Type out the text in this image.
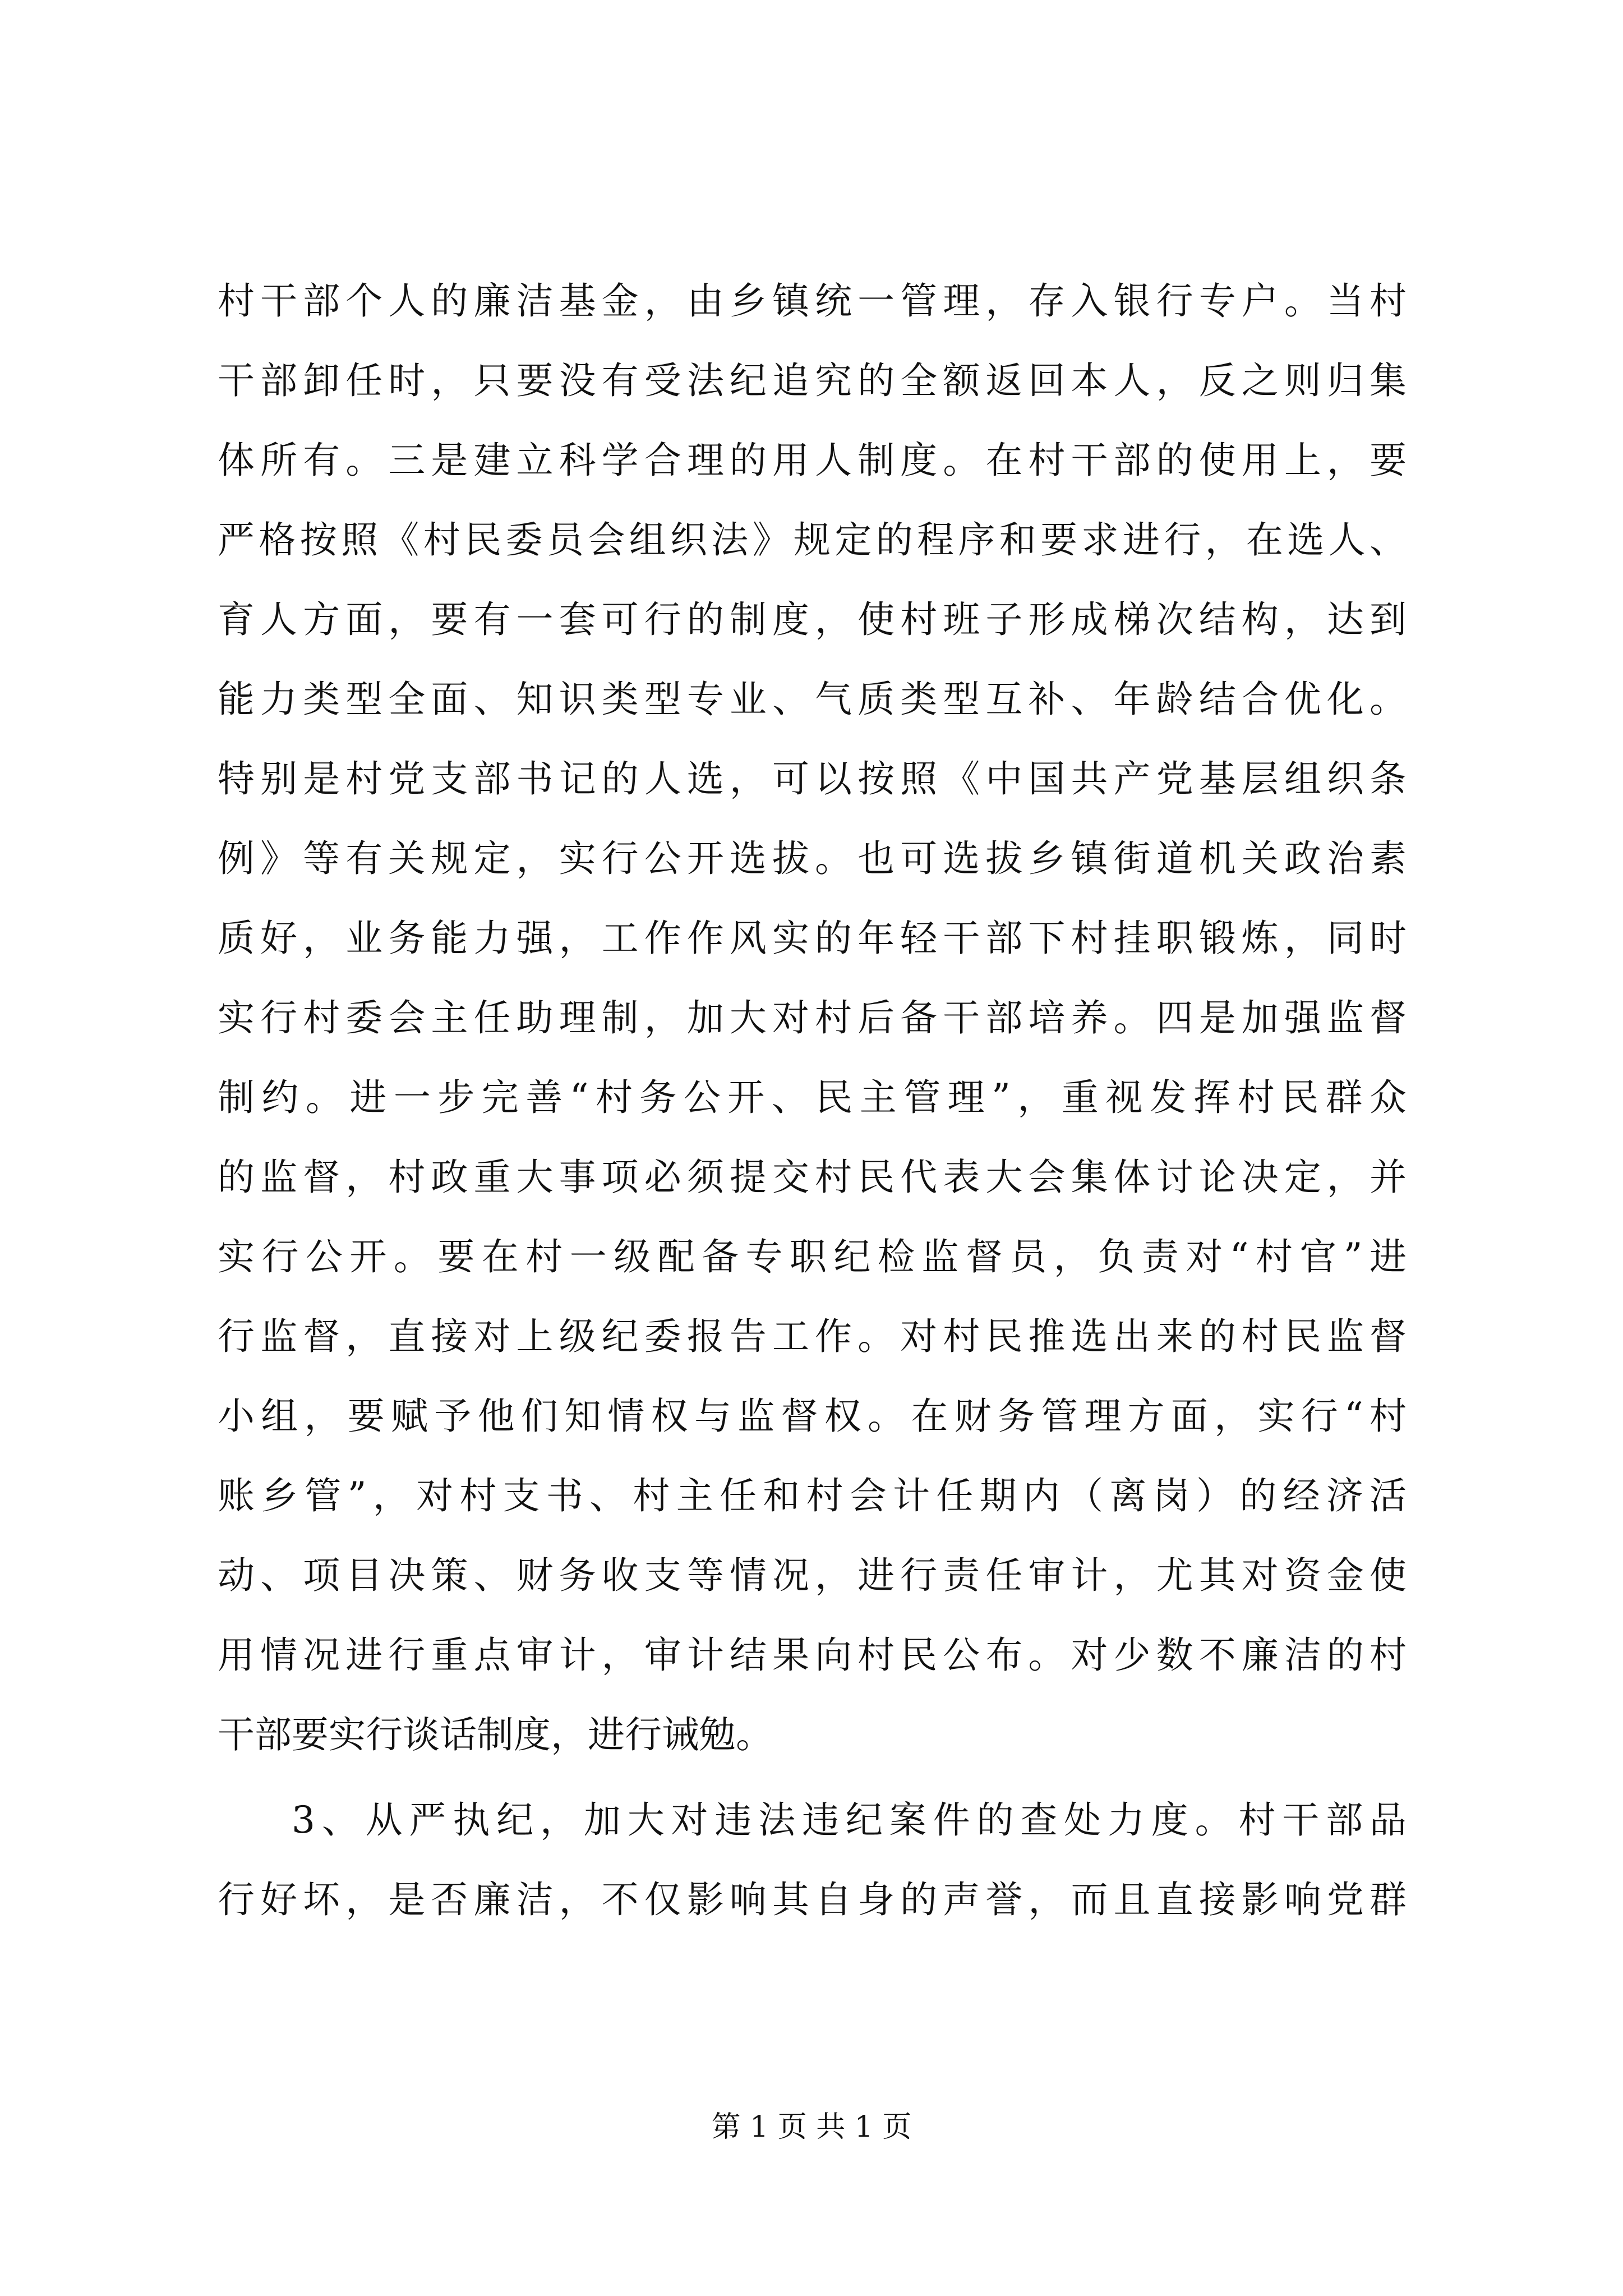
村干部个人的廉洁基金，由乡镇统一管理，存入银行专户。当村
干部卸任时，只要没有受法纪追究的全额返回本人，反之则归集
体所有。三是建立科学合理的用人制度。在村干部的使用上，要
严格按照《村民委员会组织法》规定的程序和要求进行，在选人、
育人方面，要有一套可行的制度，使村班子形成梯次结构，达到
能力类型全面、知识类型专业、气质类型互补、年龄结合优化。
特别是村党支部书记的人选，可以按照《中国共产党基层组织条
例》等有关规定，实行公开选拔。也可选拔乡镇街道机关政治素
质好，业务能力强，工作作风实的年轻干部下村挂职锻炼，同时
实行村委会主任助理制，加大对村后备干部培养。四是加强监督
制约。进一步完善“村务公开、民主管理”，重视发挥村民群众
的监督，村政重大事项必须提交村民代表大会集体讨论决定，并
实行公开。要在村一级配备专职纪检监督员，负责对“村官”进
行监督，直接对上级纪委报告工作。对村民推选出来的村民监督
小组，要赋予他们知情权与监督权。在财务管理方面，实行“村
账乡管”，对村支书、村主任和村会计任期内（离岗）的经济活
动、项目决策、财务收支等情况，进行责任审计，尤其对资金使
用情况进行重点审计，审计结果向村民公布。对少数不廉洁的村
干部要实行谈话制度，进行诫勉。
3、从严执纪，加大对违法违纪案件的查处力度。村干部品
行好坏，是否廉洁，不仅影响其自身的声誉，而且直接影响党群
第 1 页 共 1 页
